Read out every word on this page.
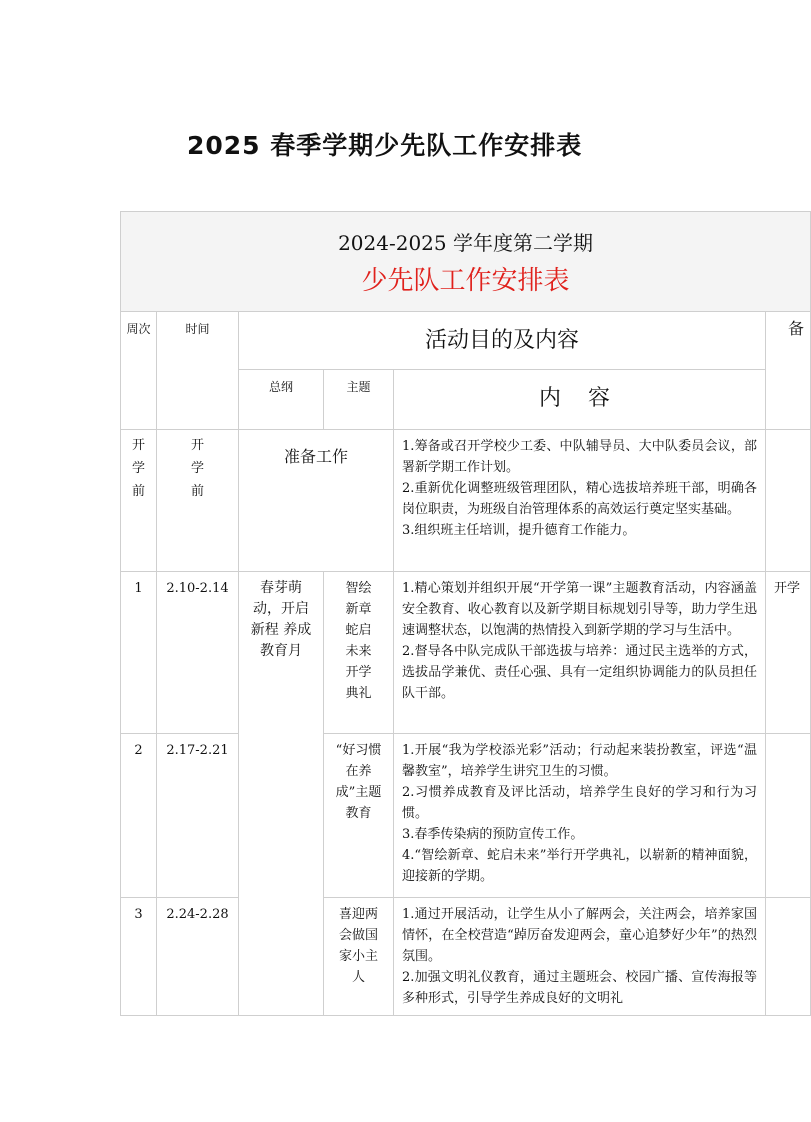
2025 春季学期少先队工作安排表
2024-2025 学年度第二学期
少先队工作安排表					

周次	时间	活动目的及内容			备
		总纲	主题	内 容	

开学前	开学前	准备工作		1.筹备或召开学校少工委、中队辅导员、大中队委员会议，部署新学期工作计划。
2.重新优化调整班级管理团队，精心选拔培养班干部，明确各岗位职责，为班级自治管理体系的高效运行奠定坚实基础。
3.组织班主任培训，提升德育工作能力。	

1	2.10-2.14	春芽萌动，开启新程 养成教育月	智绘新章蛇启未来开学典礼	1.精心策划并组织开展“开学第一课”主题教育活动，内容涵盖安全教育、收心教育以及新学期目标规划引导等，助力学生迅速调整状态，以饱满的热情投入到新学期的学习与生活中。
2.督导各中队完成队干部选拔与培养：通过民主选举的方式，选拔品学兼优、责任心强、具有一定组织协调能力的队员担任队干部。	开学
2	2.17-2.21		“好习惯在养成”主题教育	1.开展“我为学校添光彩”活动；行动起来装扮教室，评选“温馨教室”，培养学生讲究卫生的习惯。
2.习惯养成教育及评比活动，培养学生良好的学习和行为习惯。
3.春季传染病的预防宣传工作。
4.“智绘新章、蛇启未来”举行开学典礼，以崭新的精神面貌，迎接新的学期。	

3	2.24-2.28		喜迎两会做国家小主人	1.通过开展活动，让学生从小了解两会，关注两会，培养家国情怀，在全校营造“踔厉奋发迎两会，童心追梦好少年”的热烈氛围。
2.加强文明礼仪教育，通过主题班会、校园广播、宣传海报等多种形式，引导学生养成良好的文明礼	
